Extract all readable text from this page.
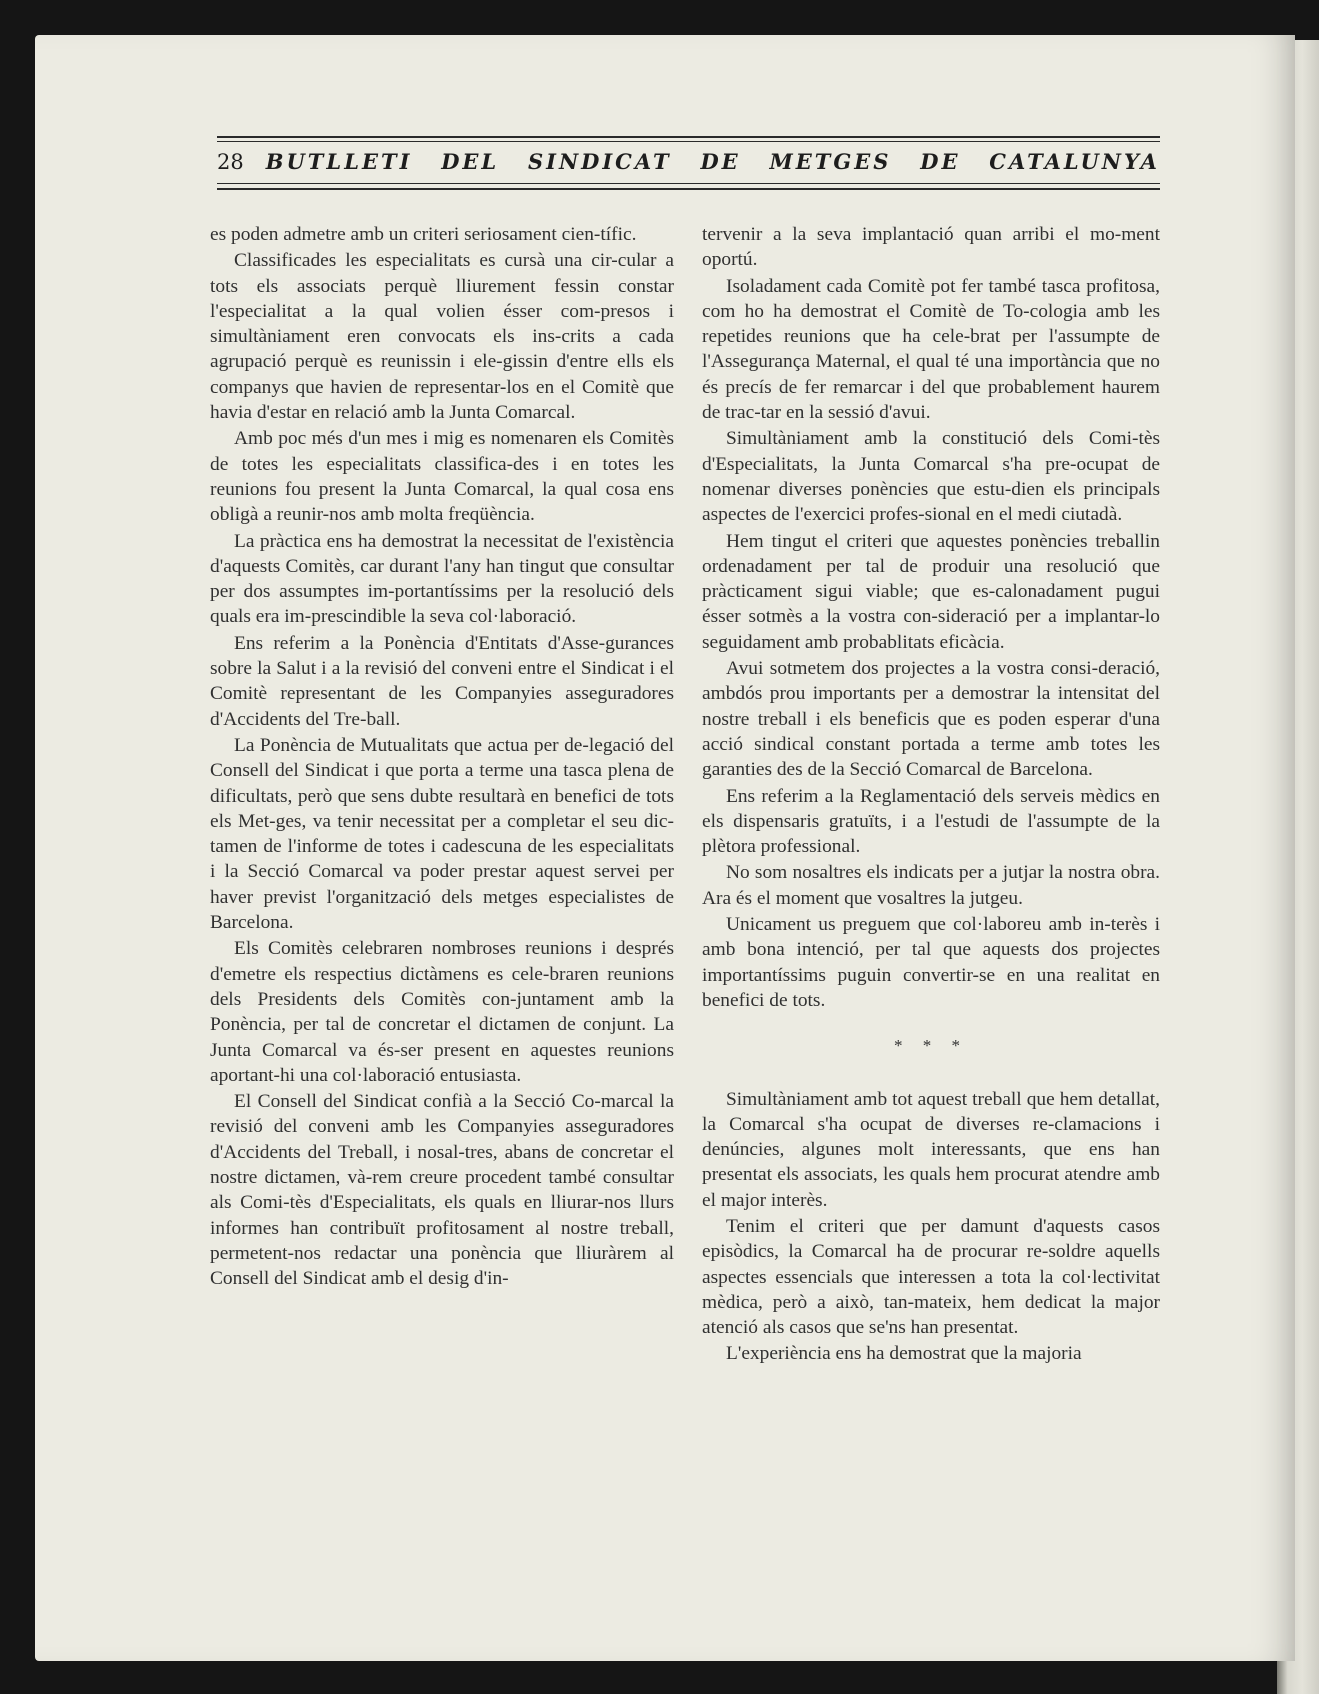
28 BUTLLETI DEL SINDICAT DE METGES DE CATALUNYA

es poden admetre amb un criteri seriosament cien-tífic.

Classificades les especialitats es cursà una cir-cular a tots els associats perquè lliurement fessin constar l'especialitat a la qual volien ésser com-presos i simultàniament eren convocats els ins-crits a cada agrupació perquè es reunissin i ele-gissin d'entre ells els companys que havien de representar-los en el Comitè que havia d'estar en relació amb la Junta Comarcal.

Amb poc més d'un mes i mig es nomenaren els Comitès de totes les especialitats classifica-des i en totes les reunions fou present la Junta Comarcal, la qual cosa ens obligà a reunir-nos amb molta freqüència.

La pràctica ens ha demostrat la necessitat de l'existència d'aquests Comitès, car durant l'any han tingut que consultar per dos assumptes im-portantíssims per la resolució dels quals era im-prescindible la seva col·laboració.

Ens referim a la Ponència d'Entitats d'Asse-gurances sobre la Salut i a la revisió del conveni entre el Sindicat i el Comitè representant de les Companyies asseguradores d'Accidents del Tre-ball.

La Ponència de Mutualitats que actua per de-legació del Consell del Sindicat i que porta a terme una tasca plena de dificultats, però que sens dubte resultarà en benefici de tots els Met-ges, va tenir necessitat per a completar el seu dic-tamen de l'informe de totes i cadescuna de les especialitats i la Secció Comarcal va poder prestar aquest servei per haver previst l'organització dels metges especialistes de Barcelona.

Els Comitès celebraren nombroses reunions i després d'emetre els respectius dictàmens es cele-braren reunions dels Presidents dels Comitès con-juntament amb la Ponència, per tal de concretar el dictamen de conjunt. La Junta Comarcal va és-ser present en aquestes reunions aportant-hi una col·laboració entusiasta.

El Consell del Sindicat confià a la Secció Co-marcal la revisió del conveni amb les Companyies asseguradores d'Accidents del Treball, i nosal-tres, abans de concretar el nostre dictamen, và-rem creure procedent també consultar als Comi-tès d'Especialitats, els quals en lliurar-nos llurs informes han contribuït profitosament al nostre treball, permetent-nos redactar una ponència que lliuràrem al Consell del Sindicat amb el desig d'in-

tervenir a la seva implantació quan arribi el mo-ment oportú.

Isoladament cada Comitè pot fer també tasca profitosa, com ho ha demostrat el Comitè de To-cologia amb les repetides reunions que ha cele-brat per l'assumpte de l'Assegurança Maternal, el qual té una importància que no és precís de fer remarcar i del que probablement haurem de trac-tar en la sessió d'avui.

Simultàniament amb la constitució dels Comi-tès d'Especialitats, la Junta Comarcal s'ha pre-ocupat de nomenar diverses ponències que estu-dien els principals aspectes de l'exercici profes-sional en el medi ciutadà.

Hem tingut el criteri que aquestes ponències treballin ordenadament per tal de produir una resolució que pràcticament sigui viable; que es-calonadament pugui ésser sotmès a la vostra con-sideració per a implantar-lo seguidament amb probablitats eficàcia.

Avui sotmetem dos projectes a la vostra consi-deració, ambdós prou importants per a demostrar la intensitat del nostre treball i els beneficis que es poden esperar d'una acció sindical constant portada a terme amb totes les garanties des de la Secció Comarcal de Barcelona.

Ens referim a la Reglamentació dels serveis mèdics en els dispensaris gratuïts, i a l'estudi de l'assumpte de la plètora professional.

No som nosaltres els indicats per a jutjar la nostra obra. Ara és el moment que vosaltres la jutgeu.

Unicament us preguem que col·laboreu amb in-terès i amb bona intenció, per tal que aquests dos projectes importantíssims puguin convertir-se en una realitat en benefici de tots.

* * *

Simultàniament amb tot aquest treball que hem detallat, la Comarcal s'ha ocupat de diverses re-clamacions i denúncies, algunes molt interessants, que ens han presentat els associats, les quals hem procurat atendre amb el major interès.

Tenim el criteri que per damunt d'aquests casos episòdics, la Comarcal ha de procurar re-soldre aquells aspectes essencials que interessen a tota la col·lectivitat mèdica, però a això, tan-mateix, hem dedicat la major atenció als casos que se'ns han presentat.

L'experiència ens ha demostrat que la majoria
